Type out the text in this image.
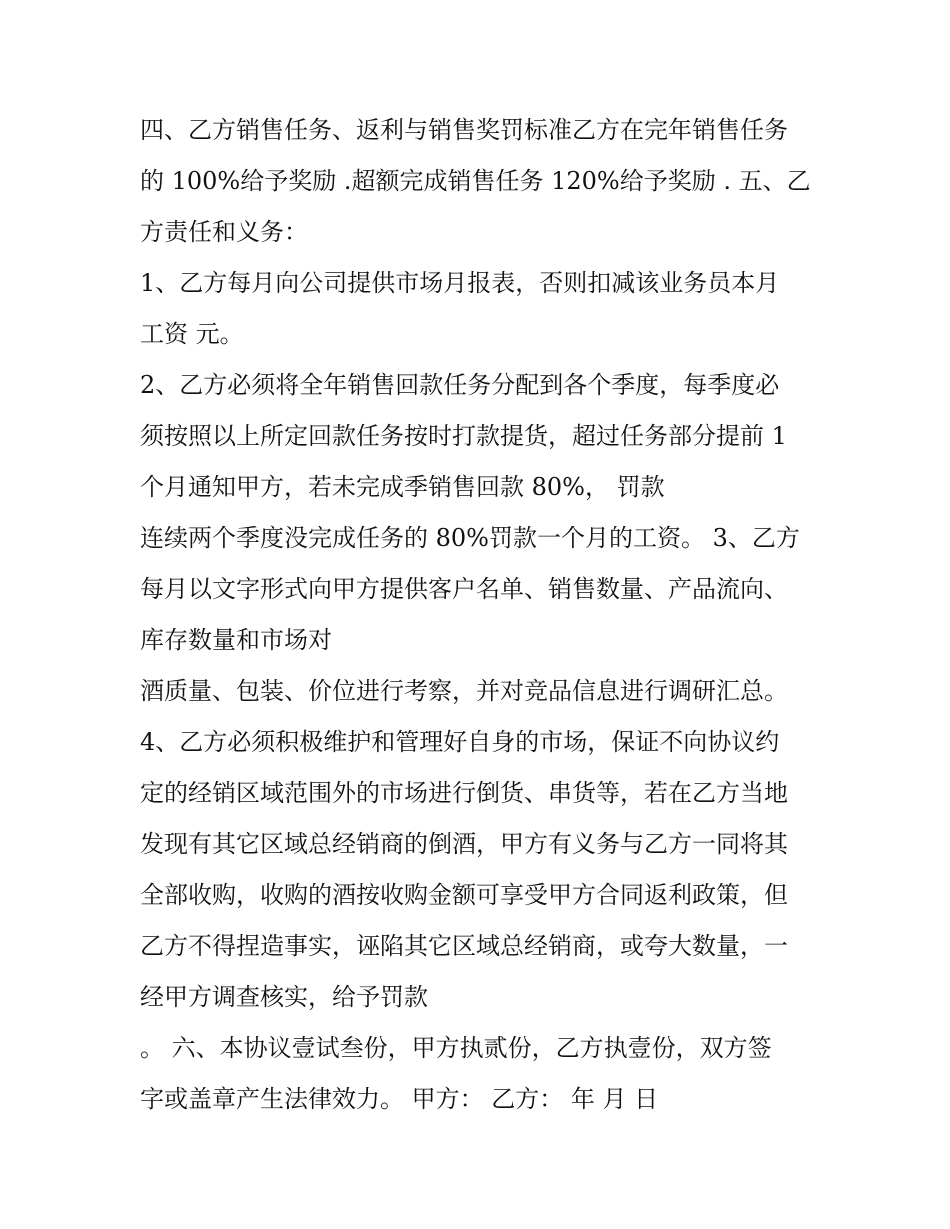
四、乙方销售任务、返利与销售奖罚标准乙方在完年销售任务
的 100%给予奖励 .超额完成销售任务 120%给予奖励 . 五、乙
方责任和义务：
1、乙方每月向公司提供市场月报表，否则扣减该业务员本月
工资 元。
2、乙方必须将全年销售回款任务分配到各个季度，每季度必
须按照以上所定回款任务按时打款提货，超过任务部分提前 1
个月通知甲方，若未完成季销售回款 80%， 罚款
连续两个季度没完成任务的 80%罚款一个月的工资。 3、乙方
每月以文字形式向甲方提供客户名单、销售数量、产品流向、
库存数量和市场对
酒质量、包装、价位进行考察，并对竞品信息进行调研汇总。
4、乙方必须积极维护和管理好自身的市场，保证不向协议约
定的经销区域范围外的市场进行倒货、串货等，若在乙方当地
发现有其它区域总经销商的倒酒，甲方有义务与乙方一同将其
全部收购，收购的酒按收购金额可享受甲方合同返利政策，但
乙方不得捏造事实，诬陷其它区域总经销商，或夸大数量，一
经甲方调查核实，给予罚款
。 六、本协议壹试叁份，甲方执贰份，乙方执壹份，双方签
字或盖章产生法律效力。 甲方： 乙方： 年 月 日
